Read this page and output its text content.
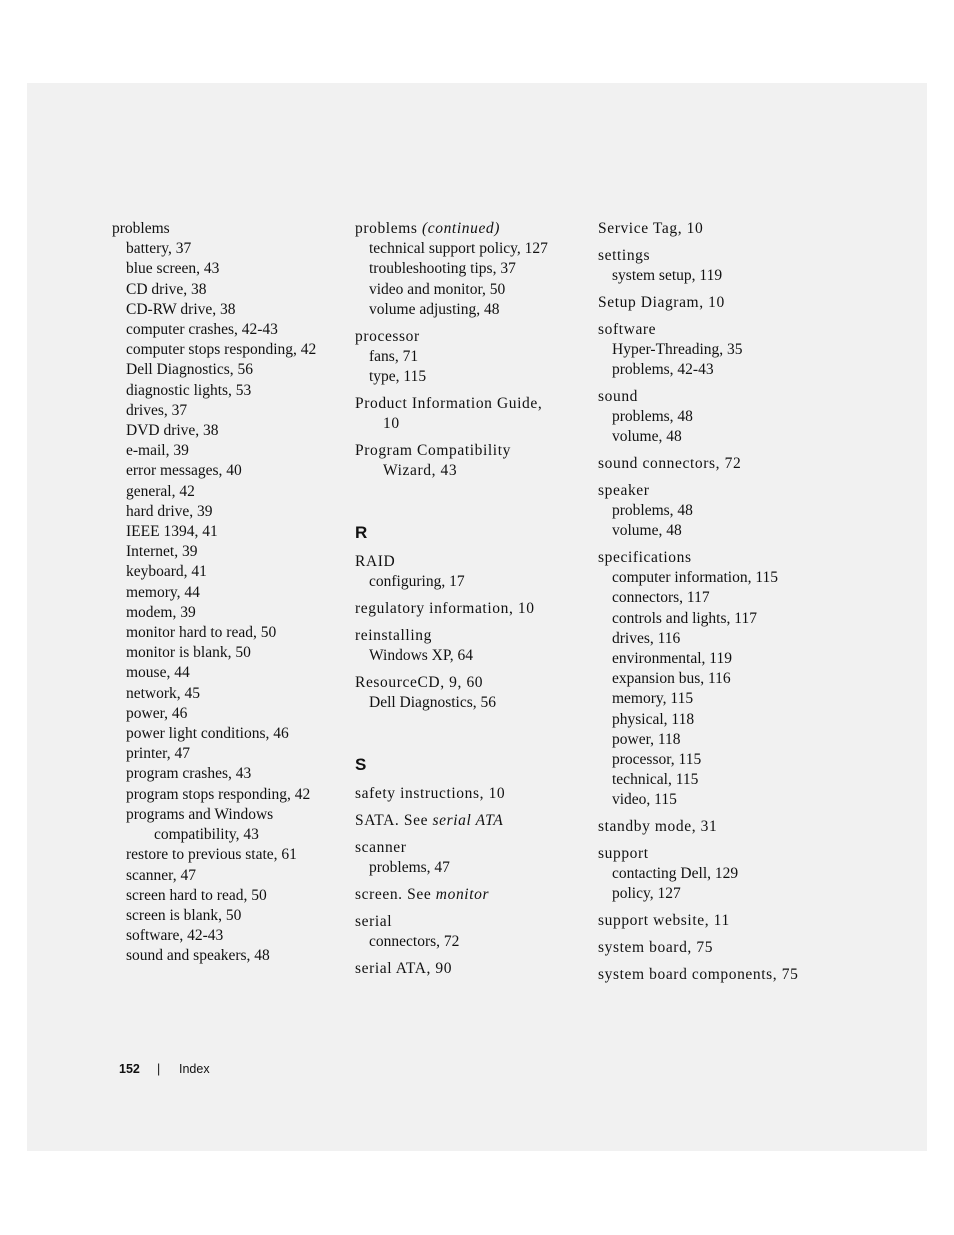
problems
battery, 37
blue screen, 43
CD drive, 38
CD-RW drive, 38
computer crashes, 42-43
computer stops responding, 42
Dell Diagnostics, 56
diagnostic lights, 53
drives, 37
DVD drive, 38
e-mail, 39
error messages, 40
general, 42
hard drive, 39
IEEE 1394, 41
Internet, 39
keyboard, 41
memory, 44
modem, 39
monitor hard to read, 50
monitor is blank, 50
mouse, 44
network, 45
power, 46
power light conditions, 46
printer, 47
program crashes, 43
program stops responding, 42
programs and Windows compatibility, 43
restore to previous state, 61
scanner, 47
screen hard to read, 50
screen is blank, 50
software, 42-43
sound and speakers, 48
problems (continued)
technical support policy, 127
troubleshooting tips, 37
video and monitor, 50
volume adjusting, 48
processor
fans, 71
type, 115
Product Information Guide, 10
Program Compatibility Wizard, 43
R
RAID
configuring, 17
regulatory information, 10
reinstalling
Windows XP, 64
ResourceCD, 9, 60
Dell Diagnostics, 56
S
safety instructions, 10
SATA. See serial ATA
scanner
problems, 47
screen. See monitor
serial
connectors, 72
serial ATA, 90
Service Tag, 10
settings
system setup, 119
Setup Diagram, 10
software
Hyper-Threading, 35
problems, 42-43
sound
problems, 48
volume, 48
sound connectors, 72
speaker
problems, 48
volume, 48
specifications
computer information, 115
connectors, 117
controls and lights, 117
drives, 116
environmental, 119
expansion bus, 116
memory, 115
physical, 118
power, 118
processor, 115
technical, 115
video, 115
standby mode, 31
support
contacting Dell, 129
policy, 127
support website, 11
system board, 75
system board components, 75
152 | Index
